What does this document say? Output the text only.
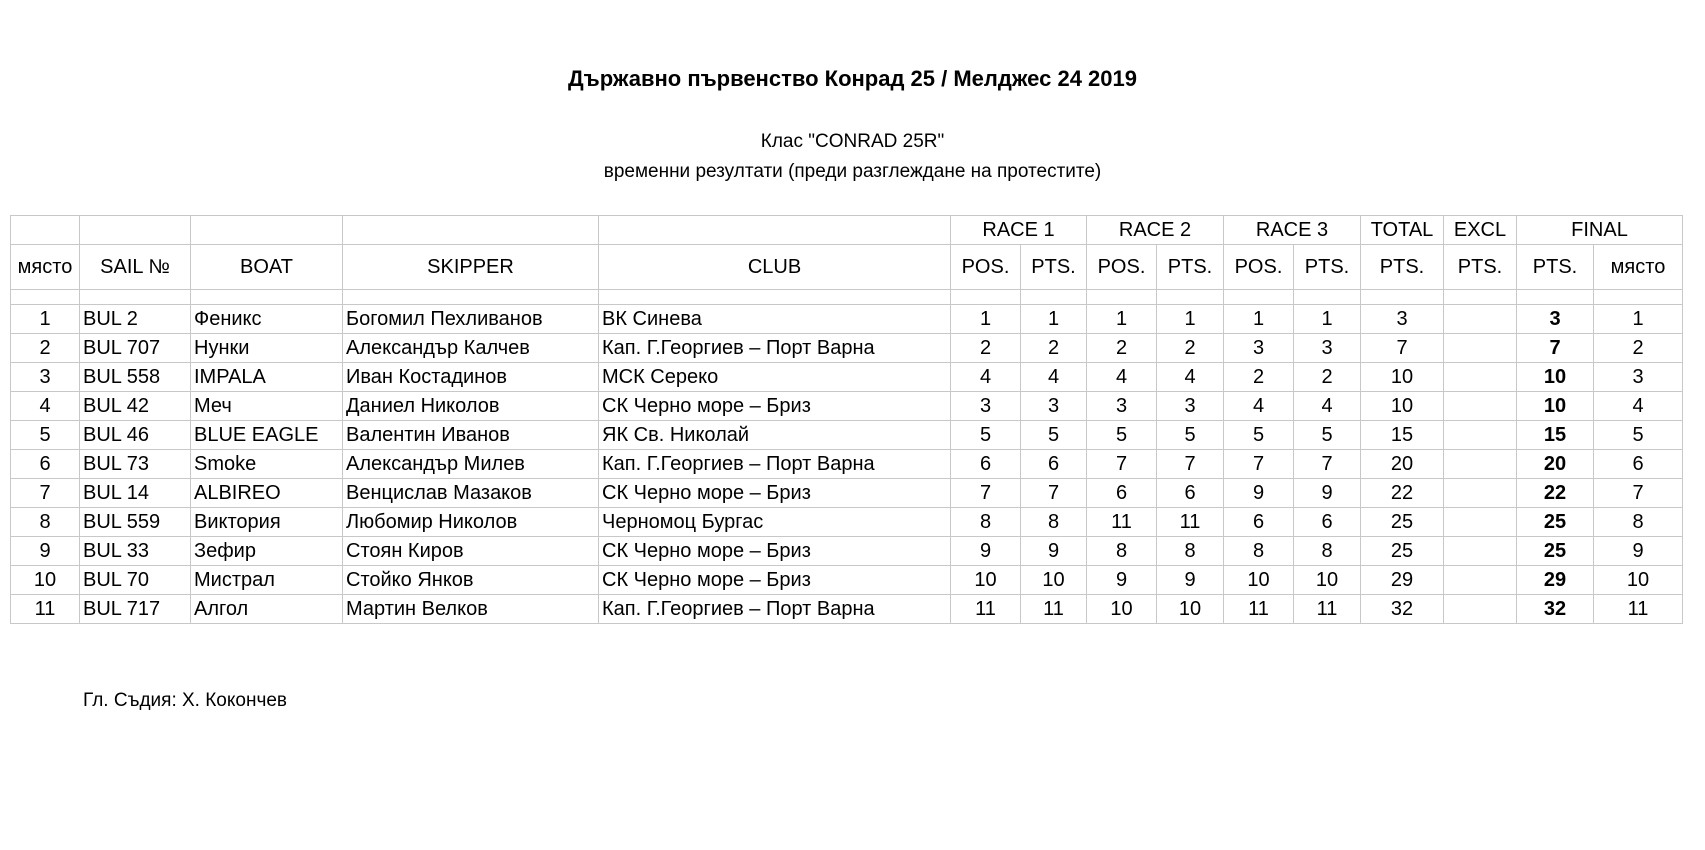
Държавно първенство Конрад 25 / Мелджес 24 2019
Клас "CONRAD 25R"
временни резултати (преди разглеждане на протестите)
					RACE 1		RACE 2		RACE 3		TOTAL	EXCL	FINAL	
място	SAIL №	BOAT	SKIPPER	CLUB	POS.	PTS.	POS.	PTS.	POS.	PTS.	PTS.	PTS.	PTS.	място

1	BUL 2	Феникс	Богомил Пехливанов	ВК Синева	1	1	1	1	1	1	3		3	1
2	BUL 707	Нунки	Александър Калчев	Кап. Г.Георгиев – Порт Варна	2	2	2	2	3	3	7		7	2
3	BUL 558	IMPALA	Иван Костадинов	МСК Сереко	4	4	4	4	2	2	10		10	3
4	BUL 42	Меч	Даниел Николов	СК Черно море – Бриз	3	3	3	3	4	4	10		10	4
5	BUL 46	BLUE EAGLE	Валентин Иванов	ЯК Св. Николай	5	5	5	5	5	5	15		15	5
6	BUL 73	Smoke	Александър Милев	Кап. Г.Георгиев – Порт Варна	6	6	7	7	7	7	20		20	6
7	BUL 14	ALBIREO	Венцислав Мазаков	СК Черно море – Бриз	7	7	6	6	9	9	22		22	7
8	BUL 559	Виктория	Любомир Николов	Черномоц Бургас	8	8	11	11	6	6	25		25	8
9	BUL 33	Зефир	Стоян Киров	СК Черно море – Бриз	9	9	8	8	8	8	25		25	9
10	BUL 70	Мистрал	Стойко Янков	СК Черно море – Бриз	10	10	9	9	10	10	29		29	10
11	BUL 717	Алгол	Мартин Велков	Кап. Г.Георгиев – Порт Варна	11	11	10	10	11	11	32		32	11
Гл. Съдия: Х. Кокончев
